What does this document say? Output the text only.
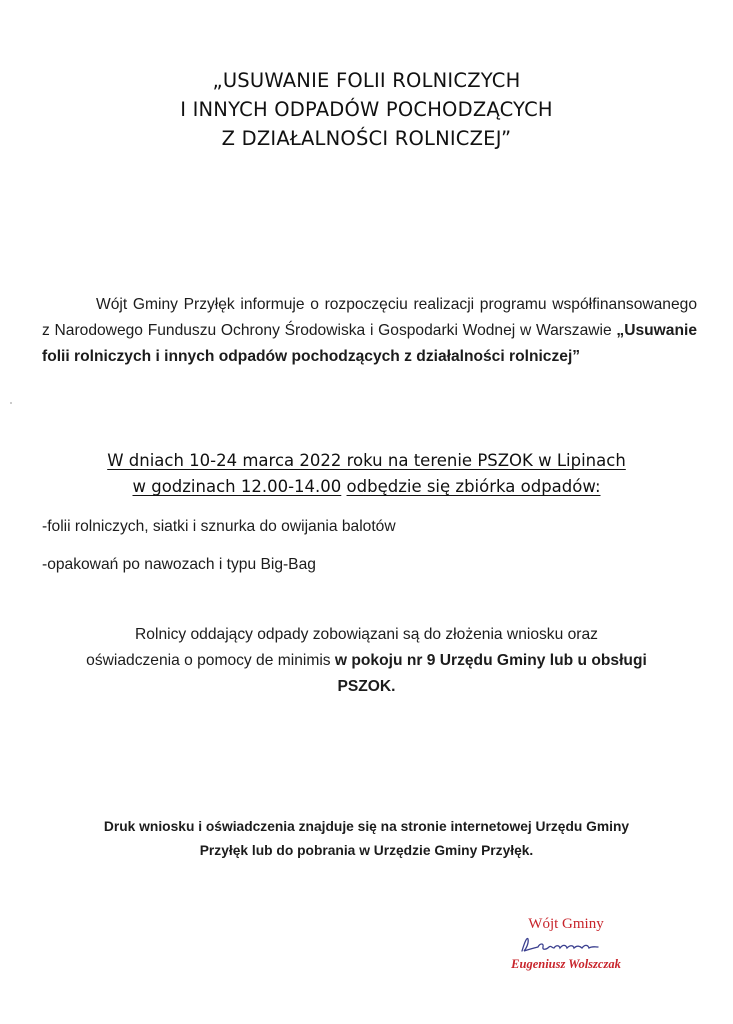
„USUWANIE FOLII ROLNICZYCH
I INNYCH ODPADÓW POCHODZĄCYCH
Z DZIAŁALNOŚCI ROLNICZEJ”

Wójt Gminy Przyłęk informuje o rozpoczęciu realizacji programu współfinansowanego z Narodowego Funduszu Ochrony Środowiska i Gospodarki Wodnej w Warszawie „Usuwanie folii rolniczych i innych odpadów pochodzących z działalności rolniczej”

W dniach 10-24 marca 2022 roku na terenie PSZOK w Lipinach
w godzinach 12.00-14.00 odbędzie się zbiórka odpadów:

-folii rolniczych, siatki i sznurka do owijania balotów
-opakowań po nawozach i typu Big-Bag

Rolnicy oddający odpady zobowiązani są do złożenia wniosku oraz
oświadczenia o pomocy de minimis w pokoju nr 9 Urzędu Gminy lub u obsługi
PSZOK.

Druk wniosku i oświadczenia znajduje się na stronie internetowej Urzędu Gminy
Przyłęk lub do pobrania w Urzędzie Gminy Przyłęk.

Wójt Gminy
Eugeniusz Wolszczak
